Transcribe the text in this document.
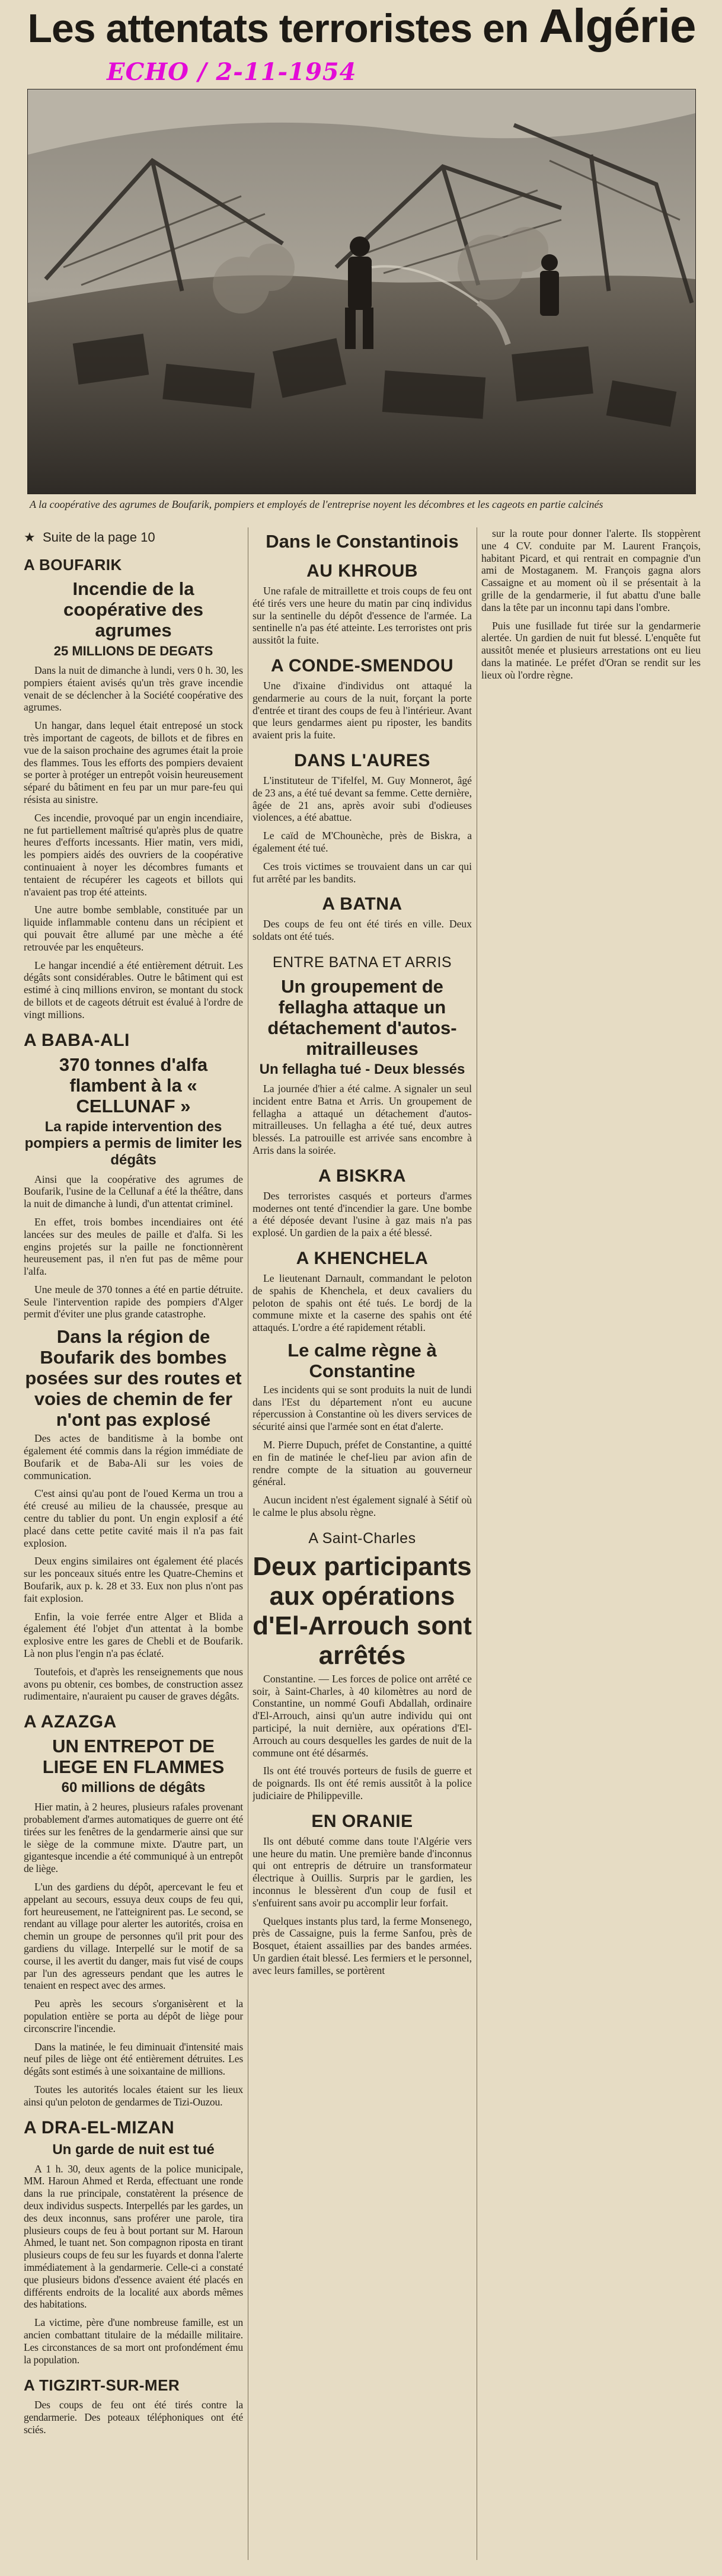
Les attentats terroristes en Algérie
ECHO / 2-11-1954
A la coopérative des agrumes de Boufarik, pompiers et employés de l'entreprise noyent les décombres et les cageots en partie calcinés
★  Suite de la page 10
A BOUFARIK
Incendie de la coopérative des agrumes
25 MILLIONS DE DEGATS

Dans la nuit de dimanche à lundi, vers 0 h. 30, les pompiers étaient avisés qu'un très grave incendie venait de se déclencher à la Société coopérative des agrumes.

Un hangar, dans lequel était entreposé un stock très important de cageots, de billots et de fibres en vue de la saison prochaine des agrumes était la proie des flammes. Tous les efforts des pompiers devaient se porter à protéger un entrepôt voisin heureusement séparé du bâtiment en feu par un mur pare-feu qui résista au sinistre.

Ces incendie, provoqué par un engin incendiaire, ne fut partiellement maîtrisé qu'après plus de quatre heures d'efforts incessants. Hier matin, vers midi, les pompiers aidés des ouvriers de la coopérative continuaient à noyer les décombres fumants et tentaient de récupérer les cageots et billots qui n'avaient pas trop été atteints.

Une autre bombe semblable, constituée par un liquide inflammable contenu dans un récipient et qui pouvait être allumé par une mèche a été retrouvée par les enquêteurs.

Le hangar incendié a été entièrement détruit. Les dégâts sont considérables. Outre le bâtiment qui est estimé à cinq millions environ, se montant du stock de billots et de cageots détruit est évalué à l'ordre de vingt millions.

A BABA-ALI
370 tonnes d'alfa flambent à la « CELLUNAF »
La rapide intervention des pompiers a permis de limiter les dégâts

Ainsi que la coopérative des agrumes de Boufarik, l'usine de la Cellunaf a été la théâtre, dans la nuit de dimanche à lundi, d'un attentat criminel.

En effet, trois bombes incendiaires ont été lancées sur des meules de paille et d'alfa. Si les engins projetés sur la paille ne fonctionnèrent heureusement pas, il n'en fut pas de même pour l'alfa.

Une meule de 370 tonnes a été en partie détruite. Seule l'intervention rapide des pompiers d'Alger permit d'éviter une plus grande catastrophe.

Dans la région de Boufarik des bombes posées sur des routes et voies de chemin de fer n'ont pas explosé

Des actes de banditisme à la bombe ont également été commis dans la région immédiate de Boufarik et de Baba-Ali sur les voies de communication.

C'est ainsi qu'au pont de l'oued Kerma un trou a été creusé au milieu de la chaussée, presque au centre du tablier du pont. Un engin explosif a été placé dans cette petite cavité mais il n'a pas fait explosion.

Deux engins similaires ont également été placés sur les ponceaux situés entre les Quatre-Chemins et Boufarik, aux p. k. 28 et 33. Eux non plus n'ont pas fait explosion.

Enfin, la voie ferrée entre Alger et Blida a également été l'objet d'un attentat à la bombe explosive entre les gares de Chebli et de Boufarik. Là non plus l'engin n'a pas éclaté.

Toutefois, et d'après les renseignements que nous avons pu obtenir, ces bombes, de construction assez rudimentaire, n'auraient pu causer de graves dégâts.

A AZAZGA
UN ENTREPOT DE LIEGE EN FLAMMES
60 millions de dégâts

Hier matin, à 2 heures, plusieurs rafales provenant probablement d'armes automatiques de guerre ont été tirées sur les fenêtres de la gendarmerie ainsi que sur le siège de la commune mixte. D'autre part, un gigantesque incendie a été communiqué à un entrepôt de liège.

L'un des gardiens du dépôt, apercevant le feu et appelant au secours, essuya deux coups de feu qui, fort heureusement, ne l'atteignirent pas. Le second, se rendant au village pour alerter les autorités, croisa en chemin un groupe de personnes qu'il prit pour des gardiens du village. Interpellé sur le motif de sa course, il les avertit du danger, mais fut visé de coups par l'un des agresseurs pendant que les autres le tenaient en respect avec des armes.

Peu après les secours s'organisèrent et la population entière se porta au dépôt de liège pour circonscrire l'incendie.

Dans la matinée, le feu diminuait d'intensité mais neuf piles de liège ont été entièrement détruites. Les dégâts sont estimés à une soixantaine de millions.

Toutes les autorités locales étaient sur les lieux ainsi qu'un peloton de gendarmes de Tizi-Ouzou.

A DRA-EL-MIZAN
Un garde de nuit est tué

A 1 h. 30, deux agents de la police municipale, MM. Haroun Ahmed et Rerda, effectuant une ronde dans la rue principale, constatèrent la présence de deux individus suspects. Interpellés par les gardes, un des deux inconnus, sans proférer une parole, tira plusieurs coups de feu à bout portant sur M. Haroun Ahmed, le tuant net. Son compagnon riposta en tirant plusieurs coups de feu sur les fuyards et donna l'alerte immédiatement à la gendarmerie. Celle-ci a constaté que plusieurs bidons d'essence avaient été placés en différents endroits de la localité aux abords mêmes des habitations.

La victime, père d'une nombreuse famille, est un ancien combattant titulaire de la médaille militaire. Les circonstances de sa mort ont profondément ému la population.

A TIGZIRT-SUR-MER

Des coups de feu ont été tirés contre la gendarmerie. Des poteaux téléphoniques ont été sciés.

Dans le Constantinois
AU KHROUB

Une rafale de mitraillette et trois coups de feu ont été tirés vers une heure du matin par cinq individus sur la sentinelle du dépôt d'essence de l'armée. La sentinelle n'a pas été atteinte. Les terroristes ont pris aussitôt la fuite.

A CONDE-SMENDOU

Une d'ixaine d'individus ont attaqué la gendarmerie au cours de la nuit, forçant la porte d'entrée et tirant des coups de feu à l'intérieur. Avant que leurs gendarmes aient pu riposter, les bandits avaient pris la fuite.

DANS L'AURES

L'instituteur de T'ifelfel, M. Guy Monnerot, âgé de 23 ans, a été tué devant sa femme. Cette dernière, âgée de 21 ans, après avoir subi d'odieuses violences, a été abattue.

Le caïd de M'Chounèche, près de Biskra, a également été tué.

Ces trois victimes se trouvaient dans un car qui fut arrêté par les bandits.

A BATNA

Des coups de feu ont été tirés en ville. Deux soldats ont été tués.

ENTRE BATNA ET ARRIS
Un groupement de fellagha attaque un détachement d'autos-mitrailleuses
Un fellagha tué - Deux blessés

La journée d'hier a été calme. A signaler un seul incident entre Batna et Arris. Un groupement de fellagha a attaqué un détachement d'autos-mitrailleuses. Un fellagha a été tué, deux autres blessés. La patrouille est arrivée sans encombre à Arris dans la soirée.

A BISKRA

Des terroristes casqués et porteurs d'armes modernes ont tenté d'incendier la gare. Une bombe a été déposée devant l'usine à gaz mais n'a pas explosé. Un gardien de la paix a été blessé.

A KHENCHELA

Le lieutenant Darnault, commandant le peloton de spahis de Khenchela, et deux cavaliers du peloton de spahis ont été tués. Le bordj de la commune mixte et la caserne des spahis ont été attaqués. L'ordre a été rapidement rétabli.

Le calme règne à Constantine

Les incidents qui se sont produits la nuit de lundi dans l'Est du département n'ont eu aucune répercussion à Constantine où les divers services de sécurité ainsi que l'armée sont en état d'alerte.

M. Pierre Dupuch, préfet de Constantine, a quitté en fin de matinée le chef-lieu par avion afin de rendre compte de la situation au gouverneur général.

Aucun incident n'est également signalé à Sétif où le calme le plus absolu règne.

A Saint-Charles
Deux participants aux opérations d'El-Arrouch sont arrêtés

Constantine. — Les forces de police ont arrêté ce soir, à Saint-Charles, à 40 kilomètres au nord de Constantine, un nommé Goufi Abdallah, ordinaire d'El-Arrouch, ainsi qu'un autre individu qui ont participé, la nuit dernière, aux opérations d'El-Arrouch au cours desquelles les gardes de nuit de la commune ont été désarmés.

Ils ont été trouvés porteurs de fusils de guerre et de poignards. Ils ont été remis aussitôt à la police judiciaire de Philippeville.

EN ORANIE

Ils ont débuté comme dans toute l'Algérie vers une heure du matin. Une première bande d'inconnus qui ont entrepris de détruire un transformateur électrique à Ouillis. Surpris par le gardien, les inconnus le blessèrent d'un coup de fusil et s'enfuirent sans avoir pu accomplir leur forfait.

Quelques instants plus tard, la ferme Monsenego, près de Cassaigne, puis la ferme Sanfou, près de Bosquet, étaient assaillies par des bandes armées. Un gardien était blessé. Les fermiers et le personnel, avec leurs familles, se portèrent

sur la route pour donner l'alerte. Ils stoppèrent une 4 CV. conduite par M. Laurent François, habitant Picard, et qui rentrait en compagnie d'un ami de Mostaganem. M. François gagna alors Cassaigne et au moment où il se présentait à la grille de la gendarmerie, il fut abattu d'une balle dans la tête par un inconnu tapi dans l'ombre.

Puis une fusillade fut tirée sur la gendarmerie alertée. Un gardien de nuit fut blessé. L'enquête fut aussitôt menée et plusieurs arrestations ont eu lieu dans la matinée. Le préfet d'Oran se rendit sur les lieux où l'ordre règne.
